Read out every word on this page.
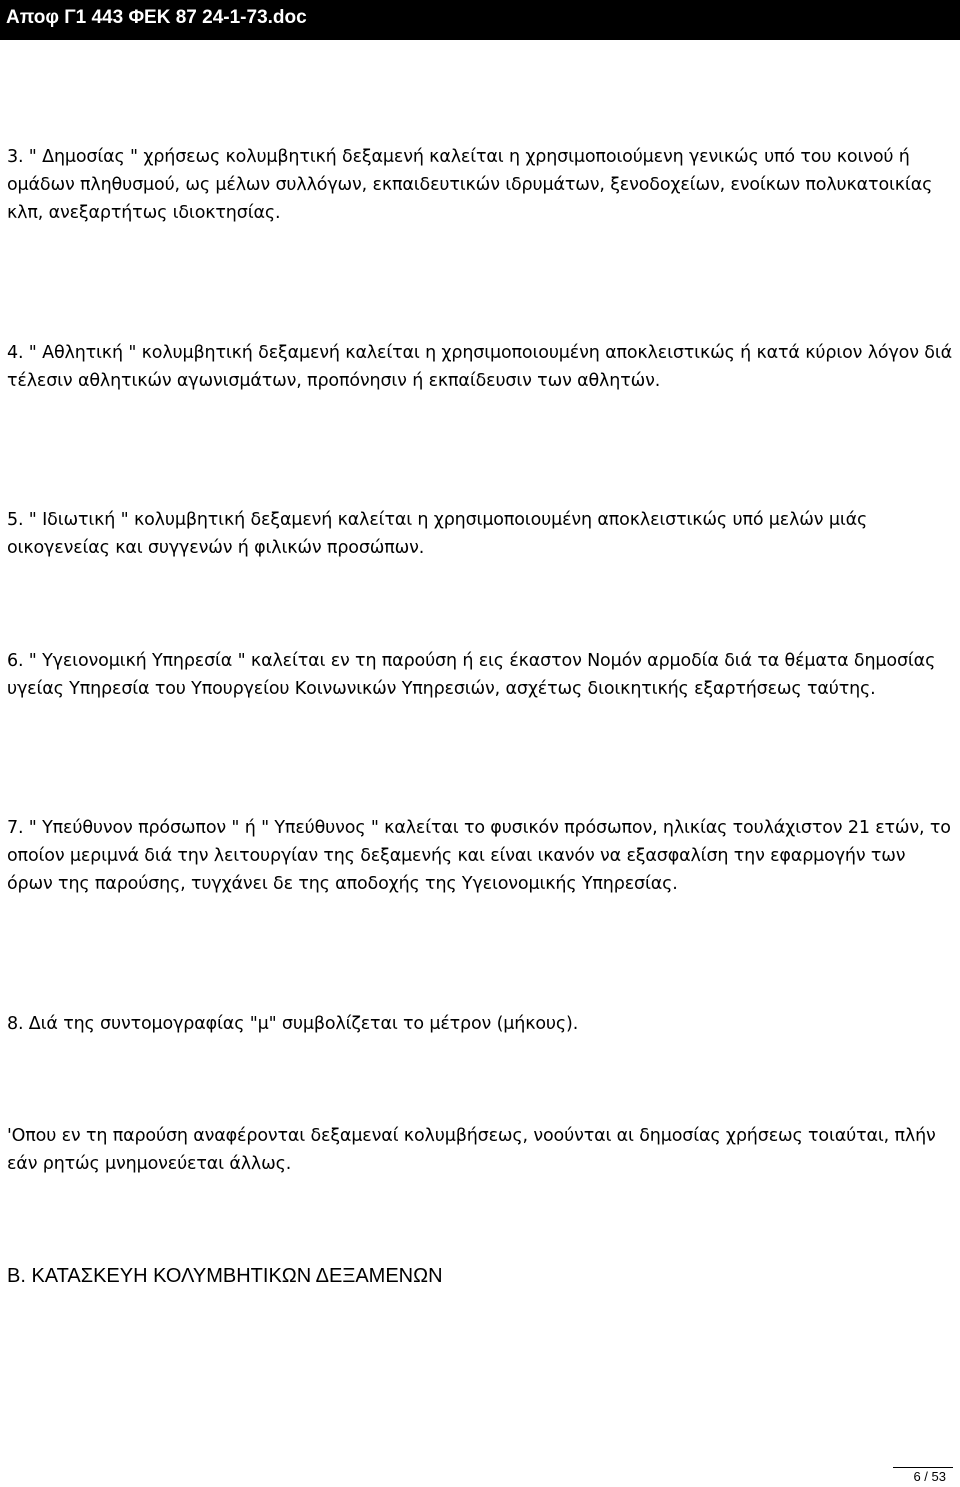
Αποφ Γ1 443 ΦΕΚ 87 24-1-73.doc

3. " Δημοσίας " χρήσεως κολυμβητική δεξαμενή καλείται η χρησιμοποιούμενη γενικώς υπό του κοινού ή ομάδων πληθυσμού, ως μέλων συλλόγων, εκπαιδευτικών ιδρυμάτων, ξενοδοχείων, ενοίκων πολυκατοικίας κλπ, ανεξαρτήτως ιδιοκτησίας.

4. " Αθλητική " κολυμβητική δεξαμενή καλείται η χρησιμοποιουμένη αποκλειστικώς ή κατά κύριον λόγον διά τέλεσιν αθλητικών αγωνισμάτων, προπόνησιν ή εκπαίδευσιν των αθλητών.

5. " Ιδιωτική " κολυμβητική δεξαμενή καλείται η χρησιμοποιουμένη αποκλειστικώς υπό μελών μιάς οικογενείας και συγγενών ή φιλικών προσώπων.

6. " Υγειονομική Υπηρεσία " καλείται εν τη παρούση ή εις έκαστον Νομόν αρμοδία διά τα θέματα δημοσίας υγείας Υπηρεσία του Υπουργείου Κοινωνικών Υπηρεσιών, ασχέτως διοικητικής εξαρτήσεως ταύτης.

7. " Υπεύθυνον πρόσωπον " ή " Υπεύθυνος " καλείται το φυσικόν πρόσωπον, ηλικίας τουλάχιστον 21 ετών, το οποίον μεριμνά διά την λειτουργίαν της δεξαμενής και είναι ικανόν να εξασφαλίση την εφαρμογήν των όρων της παρούσης, τυγχάνει δε της αποδοχής της Υγειονομικής Υπηρεσίας.

8. Διά της συντομογραφίας "μ" συμβολίζεται το μέτρον (μήκους).

'Οπου εν τη παρούση αναφέρονται δεξαμεναί κολυμβήσεως, νοούνται αι δημοσίας χρήσεως τοιαύται, πλήν εάν ρητώς μνημονεύεται άλλως.

Β. ΚΑΤΑΣΚΕΥΗ ΚΟΛΥΜΒΗΤΙΚΩΝ ΔΕΞΑΜΕΝΩΝ
6 / 53
